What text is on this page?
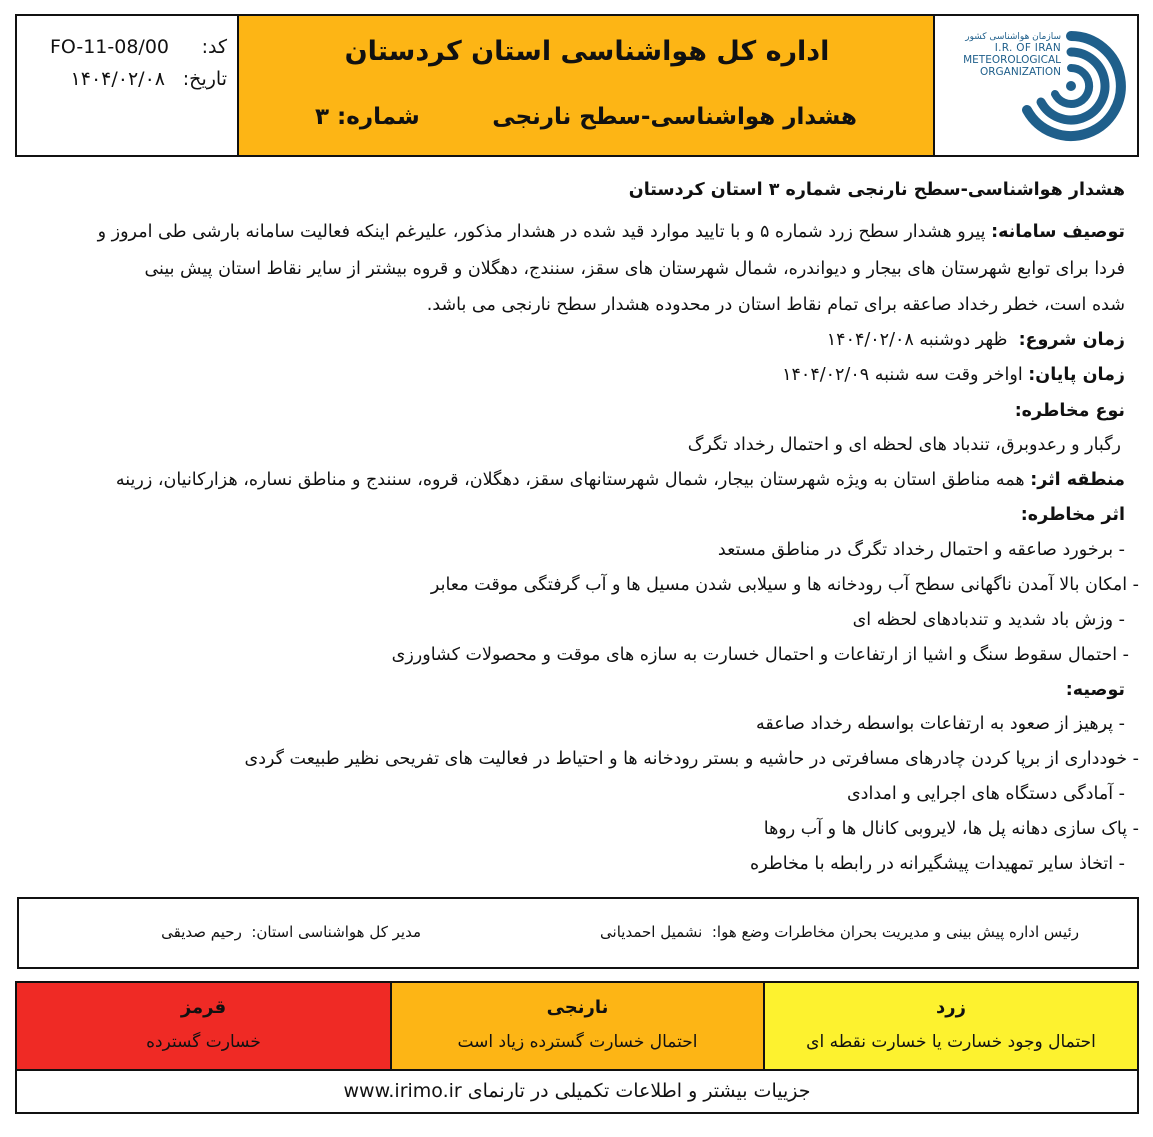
کد:
FO-11-08/00
تاریخ:
۱۴۰۴/۰۲/۰۸
اداره کل هواشناسی استان کردستان
هشدار هواشناسی-سطح نارنجی
شماره: ۳
سازمان هواشناسی کشور
I.R. OF IRAN
METEOROLOGICAL
ORGANIZATION
هشدار هواشناسی-سطح نارنجی شماره ۳ استان کردستان
توصیف سامانه: پیرو هشدار سطح زرد شماره ۵ و با تایید موارد قید شده در هشدار مذکور، علیرغم اینکه فعالیت سامانه بارشی طی امروز و
فردا برای توابع شهرستان های بیجار و دیواندره، شمال شهرستان های سقز، سنندج، دهگلان و قروه بیشتر از سایر نقاط استان پیش بینی
شده است، خطر رخداد صاعقه برای تمام نقاط استان در محدوده هشدار سطح نارنجی می باشد.
زمان شروع:  ظهر دوشنبه ۱۴۰۴/۰۲/۰۸
زمان پایان: اواخر وقت سه شنبه ۱۴۰۴/۰۲/۰۹
نوع مخاطره:
رگبار و رعدوبرق، تندباد های لحظه ای و احتمال رخداد تگرگ
منطقه اثر: همه مناطق استان به ویژه شهرستان بیجار، شمال شهرستانهای سقز، دهگلان، قروه، سنندج و مناطق نساره، هزارکانیان، زرینه
اثر مخاطره:
- برخورد صاعقه و احتمال رخداد تگرگ در مناطق مستعد
- امکان بالا آمدن ناگهانی سطح آب رودخانه ها و سیلابی شدن مسیل ها و آب گرفتگی موقت معابر
- وزش باد شدید و تندبادهای لحظه ای
- احتمال سقوط سنگ و اشیا از ارتفاعات و احتمال خسارت به سازه های موقت و محصولات کشاورزی
توصیه:
- پرهیز از صعود به ارتفاعات بواسطه رخداد صاعقه
- خودداری از برپا کردن چادرهای مسافرتی در حاشیه و بستر رودخانه ها و احتیاط در فعالیت های تفریحی نظیر طبیعت گردی
- آمادگی دستگاه های اجرایی و امدادی
- پاک سازی دهانه پل ها، لایروبی کانال ها و آب روها
- اتخاذ سایر تمهیدات پیشگیرانه در رابطه با مخاطره
رئیس اداره پیش بینی و مدیریت بحران مخاطرات وضع هوا:  نشمیل احمدیانی
مدیر کل هواشناسی استان:  رحیم صدیقی
زرد
احتمال وجود خسارت یا خسارت نقطه ای
نارنجی
احتمال خسارت گسترده زیاد است
قرمز
خسارت گسترده
جزییات بیشتر و اطلاعات تکمیلی در تارنمای www.irimo.ir
